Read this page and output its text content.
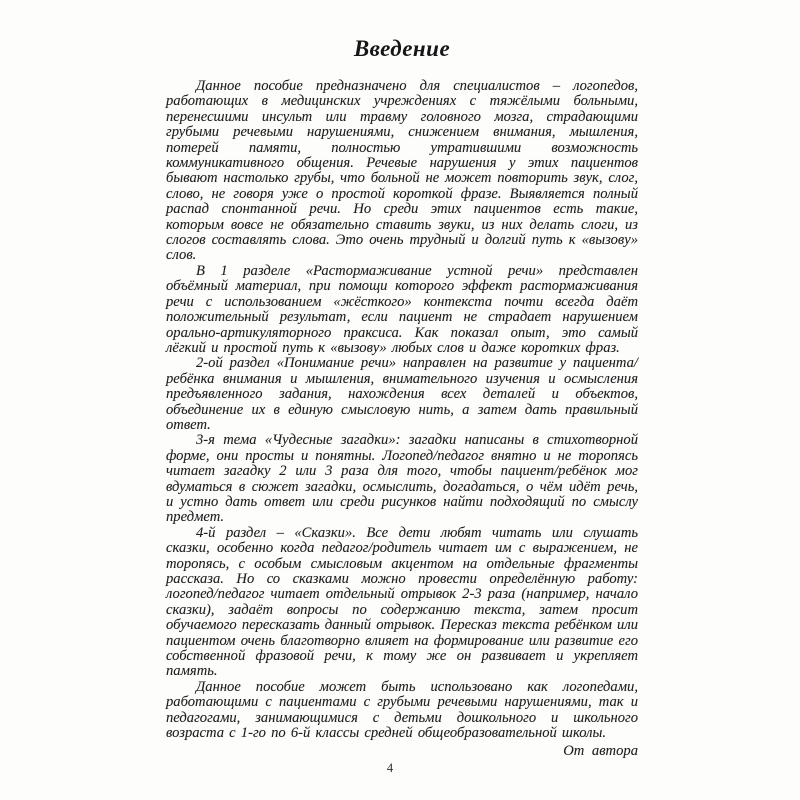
Введение

Данное пособие предназначено для специалистов – логопедов, работающих в медицинских учреждениях с тяжёлыми больными, перенесшими инсульт или травму головного мозга, страдающими грубыми речевыми нарушениями, снижением внимания, мышления, потерей памяти, полностью утратившими возможность коммуникативного общения. Речевые нарушения у этих пациентов бывают настолько грубы, что больной не может повторить звук, слог, слово, не говоря уже о простой короткой фразе. Выявляется полный распад спонтанной речи. Но среди этих пациентов есть такие, которым вовсе не обязательно ставить звуки, из них делать слоги, из слогов составлять слова. Это очень трудный и долгий путь к «вызову» слов.

В 1 разделе «Растормаживание устной речи» представлен объёмный материал, при помощи которого эффект растормаживания речи с использованием «жёсткого» контекста почти всегда даёт положительный результат, если пациент не страдает нарушением орально-артикуляторного праксиса. Как показал опыт, это самый лёгкий и простой путь к «вызову» любых слов и даже коротких фраз.

2-ой раздел «Понимание речи» направлен на развитие у пациента/ребёнка внимания и мышления, внимательного изучения и осмысления предъявленного задания, нахождения всех деталей и объектов, объединение их в единую смысловую нить, а затем дать правильный ответ.

3-я тема «Чудесные загадки»: загадки написаны в стихотворной форме, они просты и понятны. Логопед/педагог внятно и не торопясь читает загадку 2 или 3 раза для того, чтобы пациент/ребёнок мог вдуматься в сюжет загадки, осмыслить, догадаться, о чём идёт речь, и устно дать ответ или среди рисунков найти подходящий по смыслу предмет.

4-й раздел – «Сказки». Все дети любят читать или слушать сказки, особенно когда педагог/родитель читает им с выражением, не торопясь, с особым смысловым акцентом на отдельные фрагменты рассказа. Но со сказками можно провести определённую работу: логопед/педагог читает отдельный отрывок 2-3 раза (например, начало сказки), задаёт вопросы по содержанию текста, затем просит обучаемого пересказать данный отрывок. Пересказ текста ребёнком или пациентом очень благотворно влияет на формирование или развитие его собственной фразовой речи, к тому же он развивает и укрепляет память.

Данное пособие может быть использовано как логопедами, работающими с пациентами с грубыми речевыми нарушениями, так и педагогами, занимающимися с детьми дошкольного и школьного возраста с 1-го по 6-й классы средней общеобразовательной школы.

От автора
4
